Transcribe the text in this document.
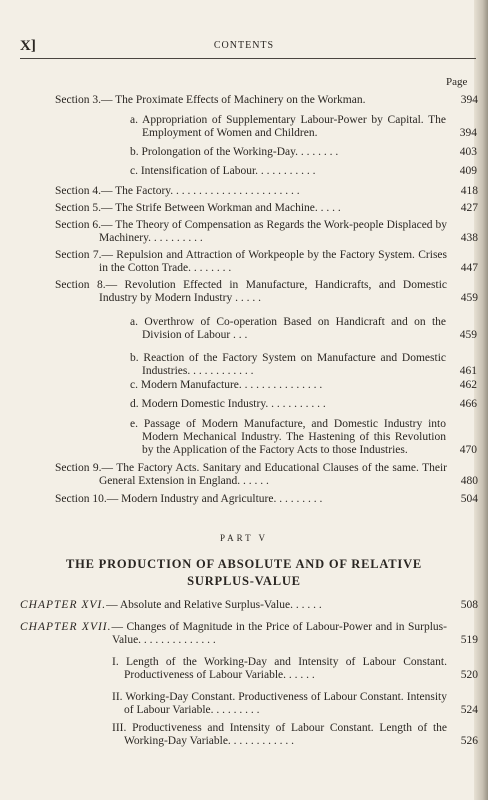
X]	CONTENTS
Page
Section 3.— The Proximate Effects of Machinery on the Workman.	394
a. Appropriation of Supplementary Labour-Power by Capital. The Employment of Women and Children.	394
b. Prolongation of the Working-Day. . . . . . . .	403
c. Intensification of Labour. . . . . . . . . . .	409
Section 4.— The Factory. . . . . . . . . . . . . . . . . . . . . . .	418
Section 5.— The Strife Between Workman and Machine. . . . .	427
Section 6.— The Theory of Compensation as Regards the Work-people Displaced by Machinery. . . . . . . . . .	438
Section 7.— Repulsion and Attraction of Workpeople by the Factory System. Crises in the Cotton Trade. . . . . . . .	447
Section 8.— Revolution Effected in Manufacture, Handicrafts, and Domestic Industry by Modern Industry . . . . .	459
a. Overthrow of Co-operation Based on Handicraft and on the Division of Labour . . .	459
b. Reaction of the Factory System on Manufacture and Domestic Industries. . . . . . . . . . . .	461
c. Modern Manufacture. . . . . . . . . . . . . . .	462
d. Modern Domestic Industry. . . . . . . . . . .	466
e. Passage of Modern Manufacture, and Domestic Industry into Modern Mechanical Industry. The Hastening of this Revolution by the Application of the Factory Acts to those Industries.	470
Section 9.— The Factory Acts. Sanitary and Educational Clauses of the same. Their General Extension in England. . . . . .	480
Section 10.— Modern Industry and Agriculture. . . . . . . . .	504
PART V
THE PRODUCTION OF ABSOLUTE AND OF RELATIVE SURPLUS-VALUE
CHAPTER XVI.— Absolute and Relative Surplus-Value. . . . . .	508
CHAPTER XVII.— Changes of Magnitude in the Price of Labour-Power and in Surplus-Value. . . . . . . . . . . . . .	519
I. Length of the Working-Day and Intensity of Labour Constant. Productiveness of Labour Variable. . . . . .	520
II. Working-Day Constant. Productiveness of Labour Constant. Intensity of Labour Variable. . . . . . . . .	524
III. Productiveness and Intensity of Labour Constant. Length of the Working-Day Variable. . . . . . . . . . . .	526
